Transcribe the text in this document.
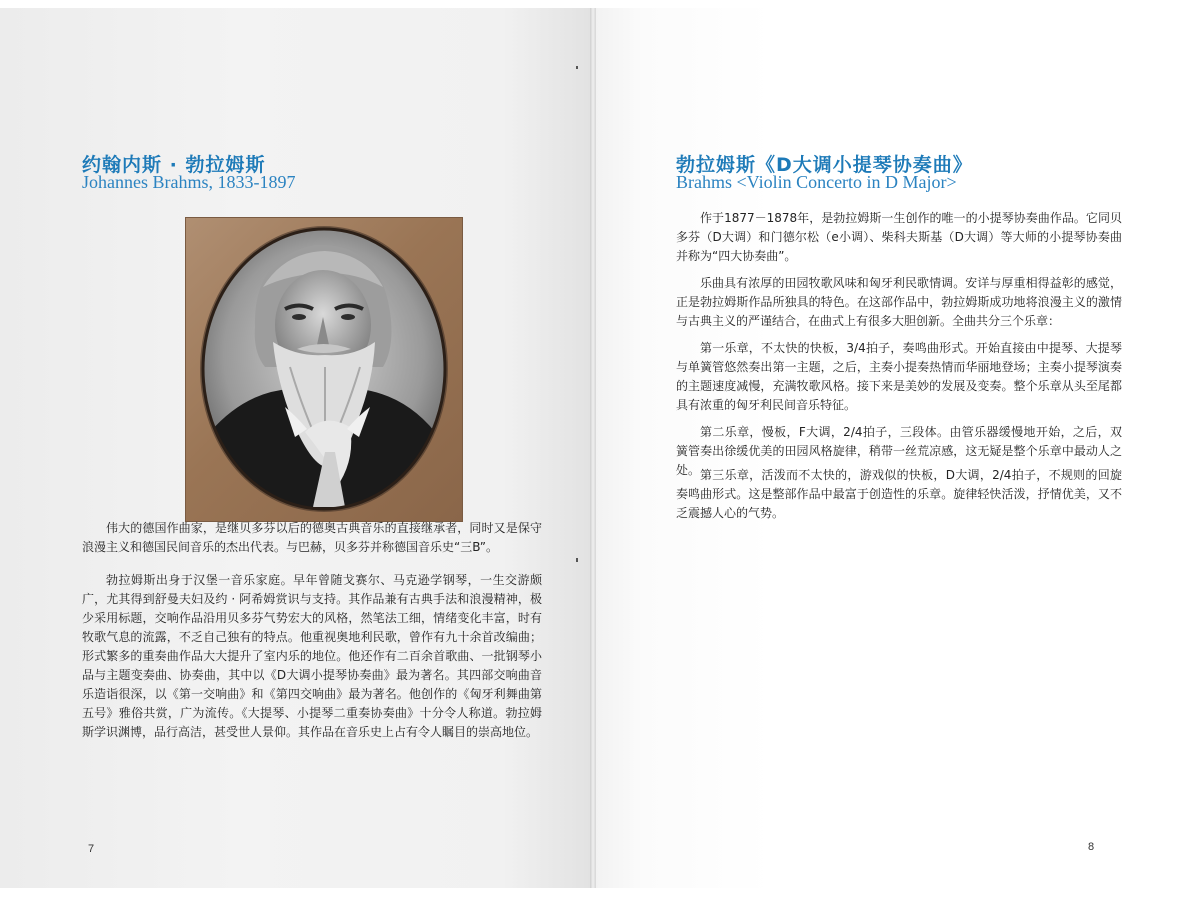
约翰内斯 · 勃拉姆斯
Johannes Brahms, 1833-1897

伟大的德国作曲家，是继贝多芬以后的德奥古典音乐的直接继承者，同时又是保守浪漫主义和德国民间音乐的杰出代表。与巴赫，贝多芬并称德国音乐史“三B”。

勃拉姆斯出身于汉堡一音乐家庭。早年曾随戈赛尔、马克逊学钢琴，一生交游颇广，尤其得到舒曼夫妇及约 · 阿希姆赏识与支持。其作品兼有古典手法和浪漫精神，极少采用标题，交响作品沿用贝多芬气势宏大的风格，然笔法工细，情绪变化丰富，时有牧歌气息的流露，不乏自己独有的特点。他重视奥地利民歌，曾作有九十余首改编曲；形式繁多的重奏曲作品大大提升了室内乐的地位。他还作有二百余首歌曲、一批钢琴小品与主题变奏曲、协奏曲，其中以《D大调小提琴协奏曲》最为著名。其四部交响曲音乐造诣很深，以《第一交响曲》和《第四交响曲》最为著名。他创作的《匈牙利舞曲第五号》雅俗共赏，广为流传。《大提琴、小提琴二重奏协奏曲》十分令人称道。勃拉姆斯学识渊博，品行高洁，甚受世人景仰。其作品在音乐史上占有令人瞩目的崇高地位。

7
勃拉姆斯《D大调小提琴协奏曲》
Brahms <Violin Concerto in D Major>

作于1877－1878年，是勃拉姆斯一生创作的唯一的小提琴协奏曲作品。它同贝多芬（D大调）和门德尔松（e小调）、柴科夫斯基（D大调）等大师的小提琴协奏曲并称为“四大协奏曲”。

乐曲具有浓厚的田园牧歌风味和匈牙利民歌情调。安详与厚重相得益彰的感觉，正是勃拉姆斯作品所独具的特色。在这部作品中，勃拉姆斯成功地将浪漫主义的激情与古典主义的严谨结合，在曲式上有很多大胆创新。全曲共分三个乐章：

第一乐章，不太快的快板，3/4拍子，奏鸣曲形式。开始直接由中提琴、大提琴与单簧管悠然奏出第一主题，之后，主奏小提奏热情而华丽地登场；主奏小提琴演奏的主题速度减慢，充满牧歌风格。接下来是美妙的发展及变奏。整个乐章从头至尾都具有浓重的匈牙利民间音乐特征。

第二乐章，慢板，F大调，2/4拍子，三段体。由管乐器缓慢地开始，之后，双簧管奏出徐缓优美的田园风格旋律，稍带一丝荒凉感，这无疑是整个乐章中最动人之处。 第三乐章，活泼而不太快的，游戏似的快板，D大调，2/4拍子，不规则的回旋奏鸣曲形式。这是整部作品中最富于创造性的乐章。旋律轻快活泼，抒情优美，又不乏震撼人心的气势。

8
